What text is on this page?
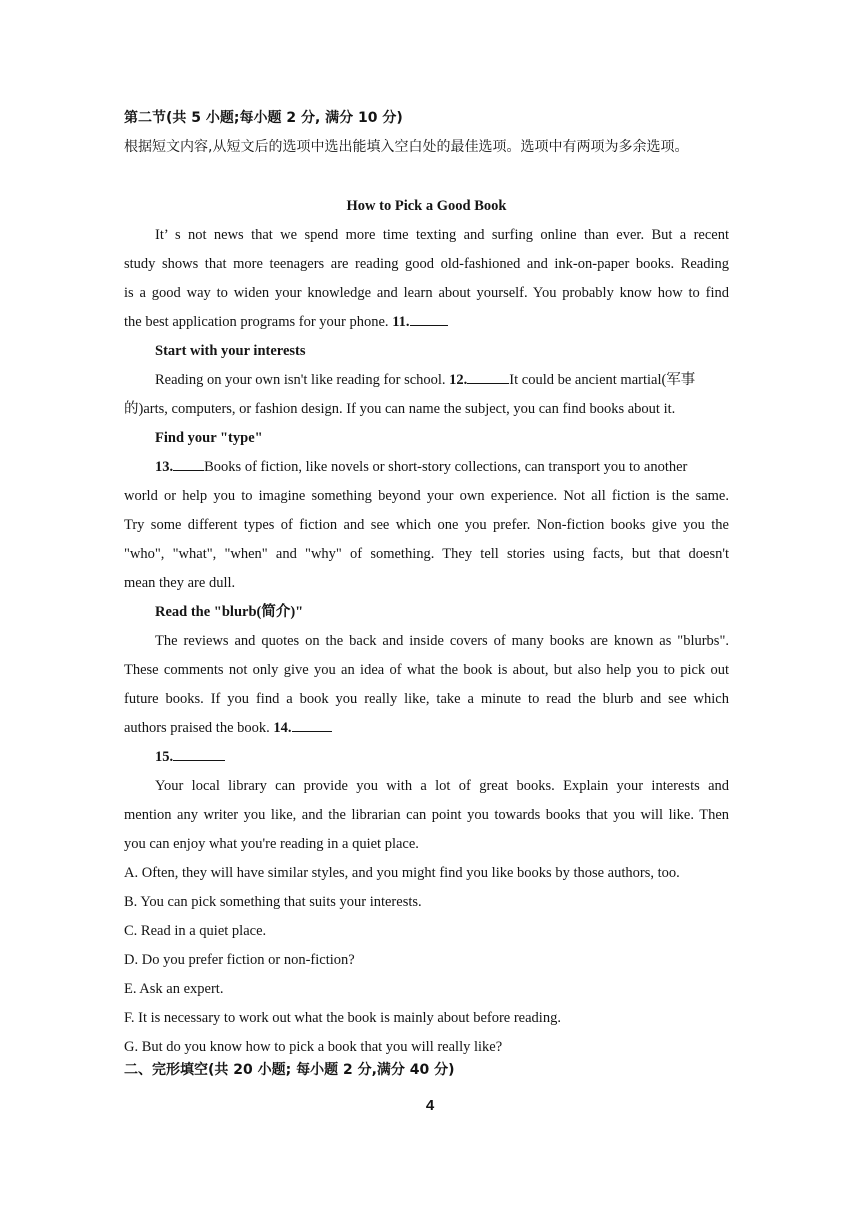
第二节(共 5 小题;每小题 2 分, 满分 10 分)
根据短文内容,从短文后的选项中选出能填入空白处的最佳选项。选项中有两项为多余选项。
How to Pick a Good Book
It’ s not news that we spend more time texting and surfing online than ever. But a recent
study shows that more teenagers are reading good old-fashioned and ink-on-paper books. Reading
is a good way to widen your knowledge and learn about yourself. You probably know how to find
the best application programs for your phone. 11.
Start with your interests
Reading on your own isn't like reading for school. 12.	It could be ancient martial(军事
的)arts, computers, or fashion design. If you can name the subject, you can find books about it.
Find your "type"
13. Books of fiction, like novels or short-story collections, can transport you to another
world or help you to imagine something beyond your own experience. Not all fiction is the same.
Try some different types of fiction and see which one you prefer. Non-fiction books give you the
"who", "what", "when" and "why" of something. They tell stories using facts, but that doesn't
mean they are dull.
Read the "blurb(简介)"
The reviews and quotes on the back and inside covers of many books are known as "blurbs".
These comments not only give you an idea of what the book is about, but also help you to pick out
future books. If you find a book you really like, take a minute to read the blurb and see which
authors praised the book. 14.
15.
Your local library can provide you with a lot of great books. Explain your interests and
mention any writer you like, and the librarian can point you towards books that you will like. Then
you can enjoy what you're reading in a quiet place.
A. Often, they will have similar styles, and you might find you like books by those authors, too.
B. You can pick something that suits your interests.
C. Read in a quiet place.
D. Do you prefer fiction or non-fiction?
E. Ask an expert.
F. It is necessary to work out what the book is mainly about before reading.
G. But do you know how to pick a book that you will really like?
二、完形填空(共 20 小题; 每小题 2 分,满分 40 分)
4
